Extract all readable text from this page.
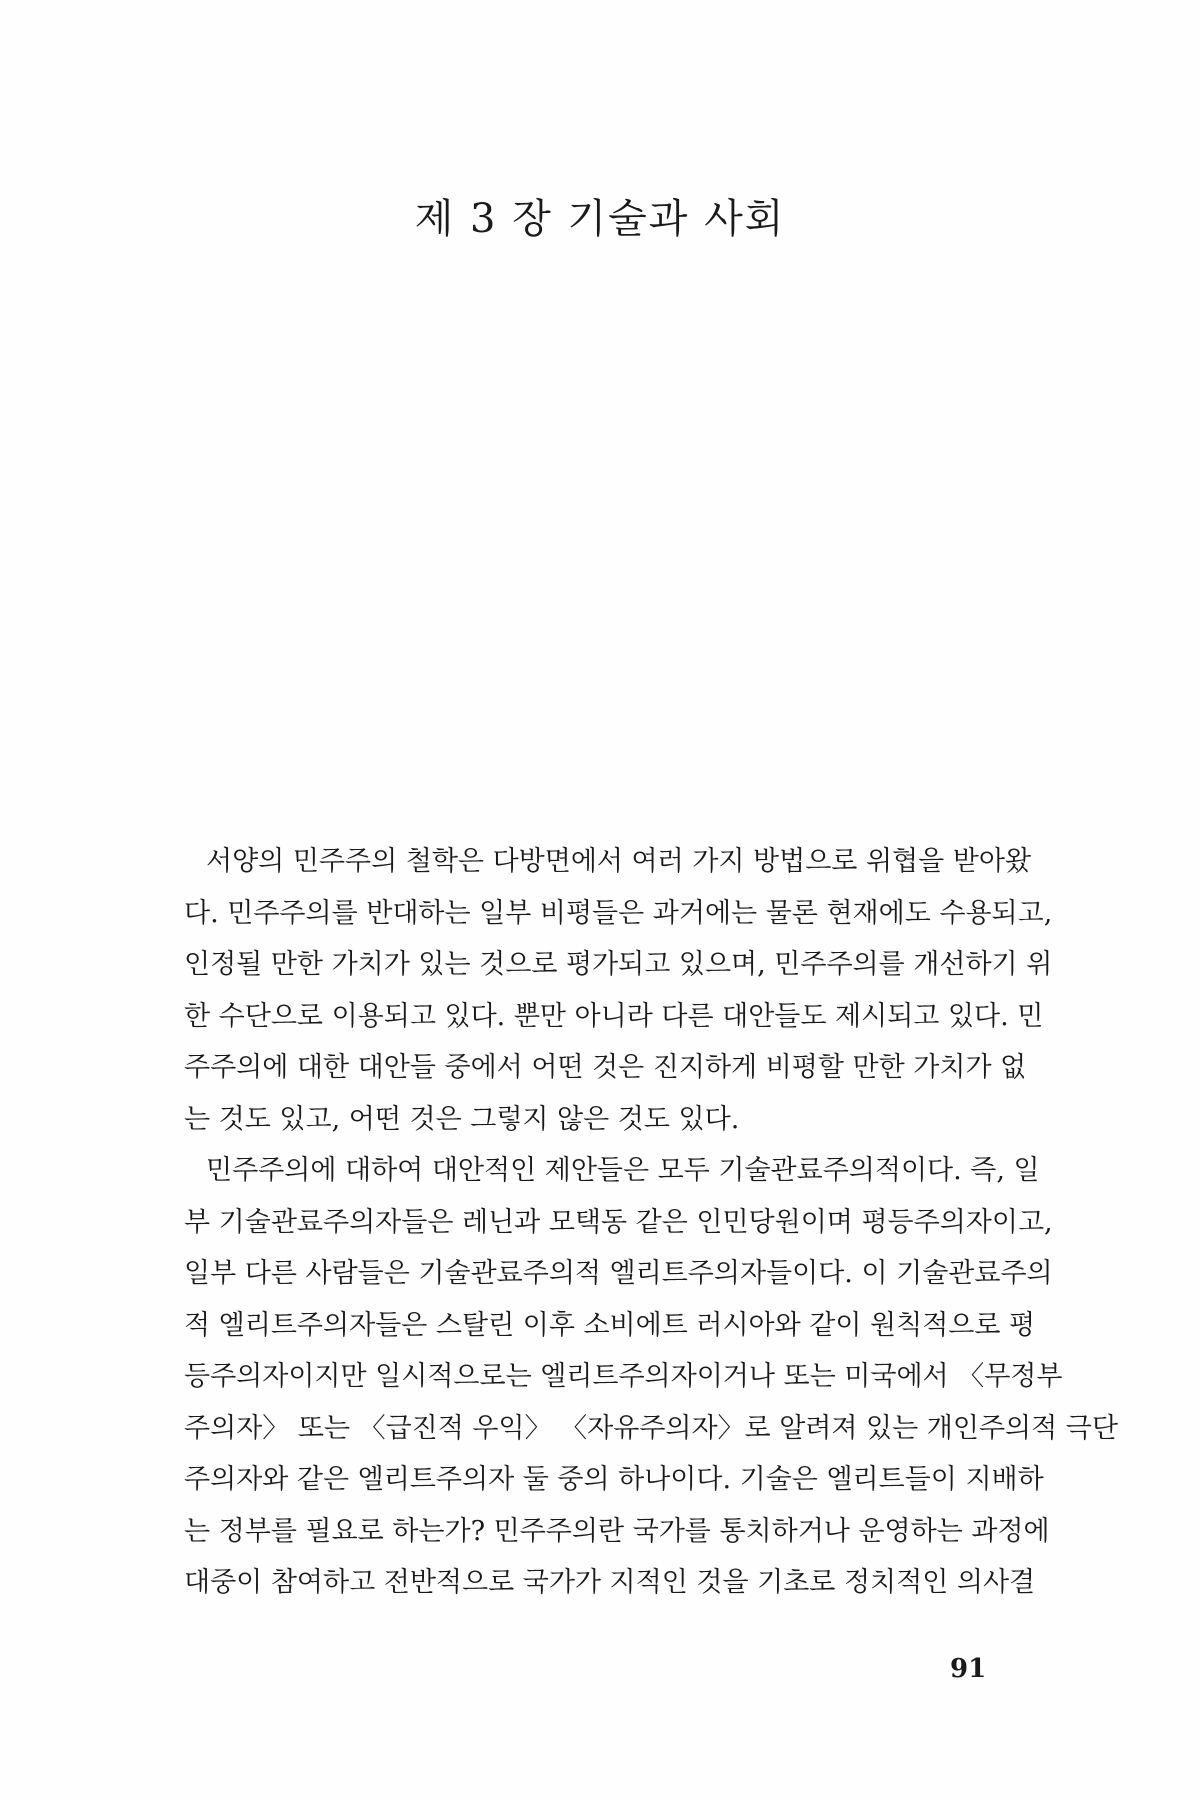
제 3 장 기술과 사회
서양의 민주주의 철학은 다방면에서 여러 가지 방법으로 위협을 받아왔
다. 민주주의를 반대하는 일부 비평들은 과거에는 물론 현재에도 수용되고,
인정될 만한 가치가 있는 것으로 평가되고 있으며, 민주주의를 개선하기 위
한 수단으로 이용되고 있다. 뿐만 아니라 다른 대안들도 제시되고 있다. 민
주주의에 대한 대안들 중에서 어떤 것은 진지하게 비평할 만한 가치가 없
는 것도 있고, 어떤 것은 그렇지 않은 것도 있다.
민주주의에 대하여 대안적인 제안들은 모두 기술관료주의적이다. 즉, 일
부 기술관료주의자들은 레닌과 모택동 같은 인민당원이며 평등주의자이고,
일부 다른 사람들은 기술관료주의적 엘리트주의자들이다. 이 기술관료주의
적 엘리트주의자들은 스탈린 이후 소비에트 러시아와 같이 원칙적으로 평
등주의자이지만 일시적으로는 엘리트주의자이거나 또는 미국에서 〈무정부
주의자〉 또는 〈급진적 우익〉 〈자유주의자〉로 알려져 있는 개인주의적 극단
주의자와 같은 엘리트주의자 둘 중의 하나이다. 기술은 엘리트들이 지배하
는 정부를 필요로 하는가? 민주주의란 국가를 통치하거나 운영하는 과정에
대중이 참여하고 전반적으로 국가가 지적인 것을 기초로 정치적인 의사결
91
